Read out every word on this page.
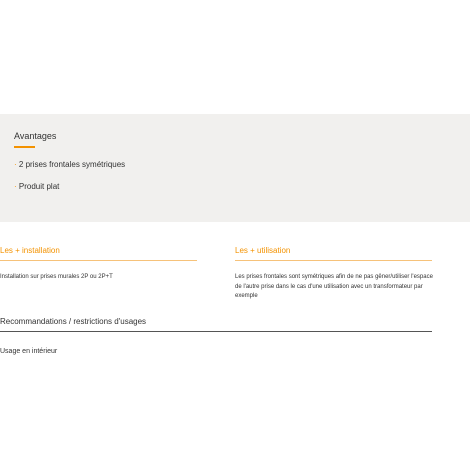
Avantages
· 2 prises frontales symétriques
· Produit plat
Les + installation
Installation sur prises murales 2P ou 2P+T
Les + utilisation
Les prises frontales sont symétriques afin de ne pas gêner/utiliser l'espace de l'autre prise dans le cas d'une utilisation avec un transformateur par exemple
Recommandations / restrictions d'usages
Usage en intérieur
